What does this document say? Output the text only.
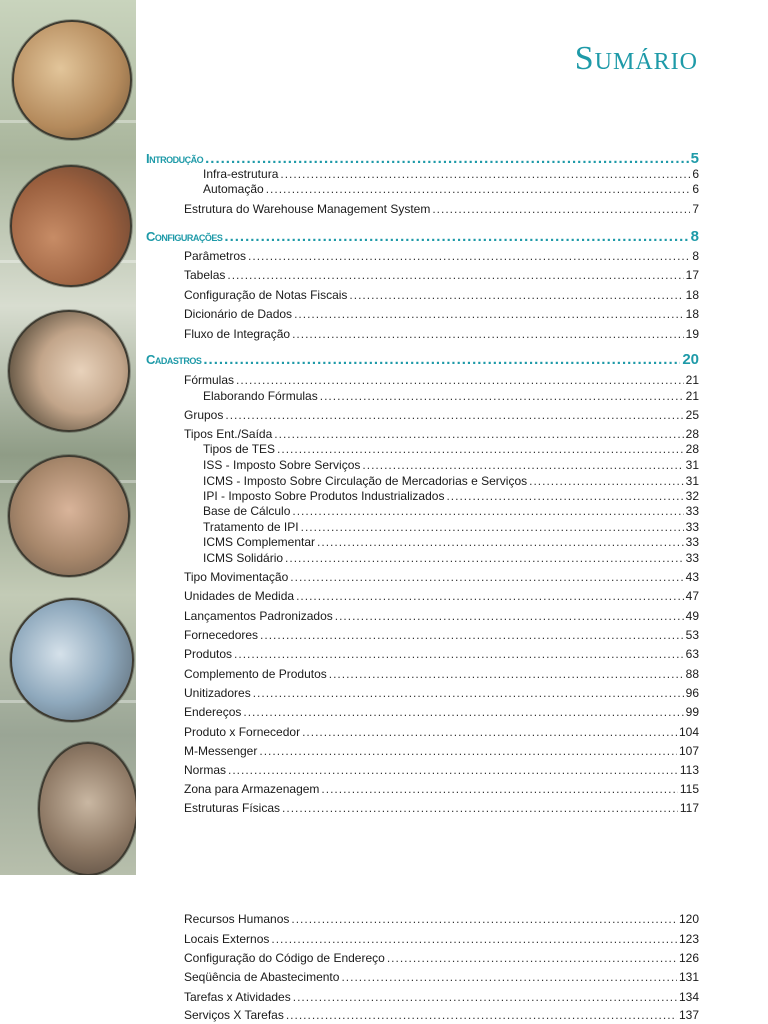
Sumário
Introdução .....	5
Infra-estrutura .....	6
Automação .....	6
Estrutura do Warehouse Management System .....	7
Configurações .....	8
Parâmetros .....	8
Tabelas .....	17
Configuração de Notas Fiscais .....	18
Dicionário de Dados .....	18
Fluxo de Integração .....	19
Cadastros .....	20
Fórmulas .....	21
Elaborando Fórmulas .....	21
Grupos .....	25
Tipos Ent./Saída .....	28
Tipos de TES .....	28
ISS - Imposto Sobre Serviços .....	31
ICMS - Imposto Sobre Circulação de Mercadorias e Serviços .....	31
IPI - Imposto Sobre Produtos Industrializados .....	32
Base de Cálculo .....	33
Tratamento de IPI .....	33
ICMS Complementar .....	33
ICMS Solidário .....	33
Tipo Movimentação .....	43
Unidades de Medida .....	47
Lançamentos Padronizados .....	49
Fornecedores .....	53
Produtos .....	63
Complemento de Produtos .....	88
Unitizadores .....	96
Endereços .....	99
Produto x Fornecedor .....	104
M-Messenger .....	107
Normas .....	113
Zona para Armazenagem .....	115
Estruturas Físicas .....	117
Recursos Humanos .....	120
Locais Externos .....	123
Configuração do Código de Endereço .....	126
Seqüência de Abastecimento .....	131
Tarefas x Atividades .....	134
Serviços X Tarefas .....	137
